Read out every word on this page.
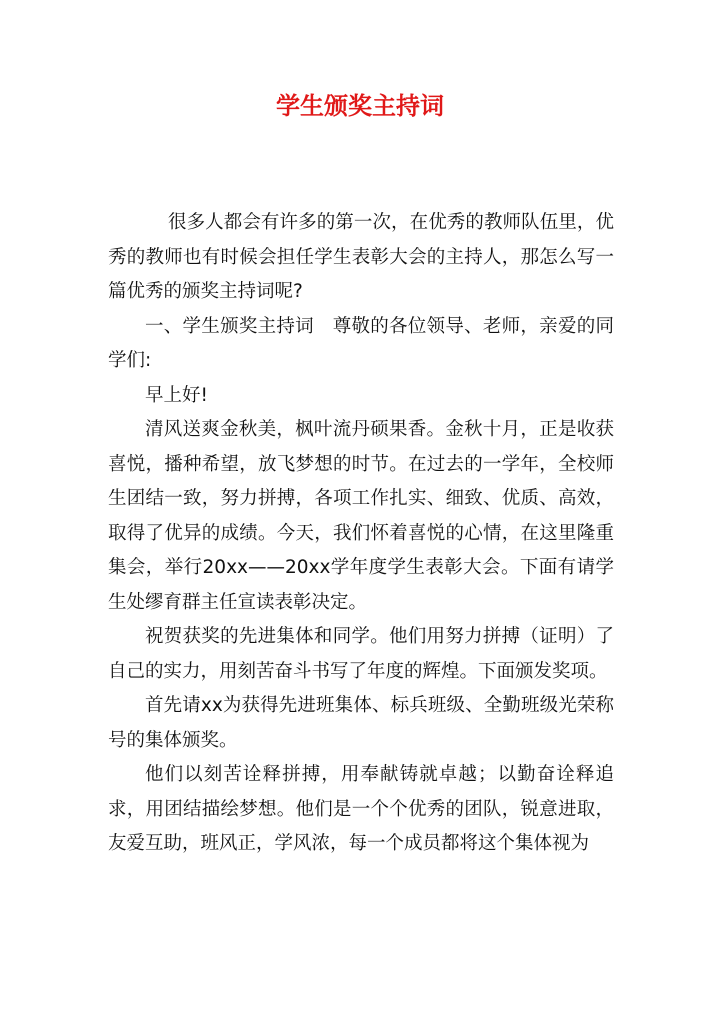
学生颁奖主持词

很多人都会有许多的第一次，在优秀的教师队伍里，优秀的教师也有时候会担任学生表彰大会的主持人，那怎么写一篇优秀的颁奖主持词呢?

一、学生颁奖主持词　尊敬的各位领导、老师，亲爱的同学们:

早上好!

清风送爽金秋美，枫叶流丹硕果香。金秋十月，正是收获喜悦，播种希望，放飞梦想的时节。在过去的一学年，全校师生团结一致，努力拼搏，各项工作扎实、细致、优质、高效，取得了优异的成绩。今天，我们怀着喜悦的心情，在这里隆重集会，举行20xx——20xx学年度学生表彰大会。下面有请学生处缪育群主任宣读表彰决定。

祝贺获奖的先进集体和同学。他们用努力拼搏（证明）了自己的实力，用刻苦奋斗书写了年度的辉煌。下面颁发奖项。

首先请xx为获得先进班集体、标兵班级、全勤班级光荣称号的集体颁奖。

他们以刻苦诠释拼搏，用奉献铸就卓越；以勤奋诠释追求，用团结描绘梦想。他们是一个个优秀的团队，锐意进取，友爱互助，班风正，学风浓，每一个成员都将这个集体视为
